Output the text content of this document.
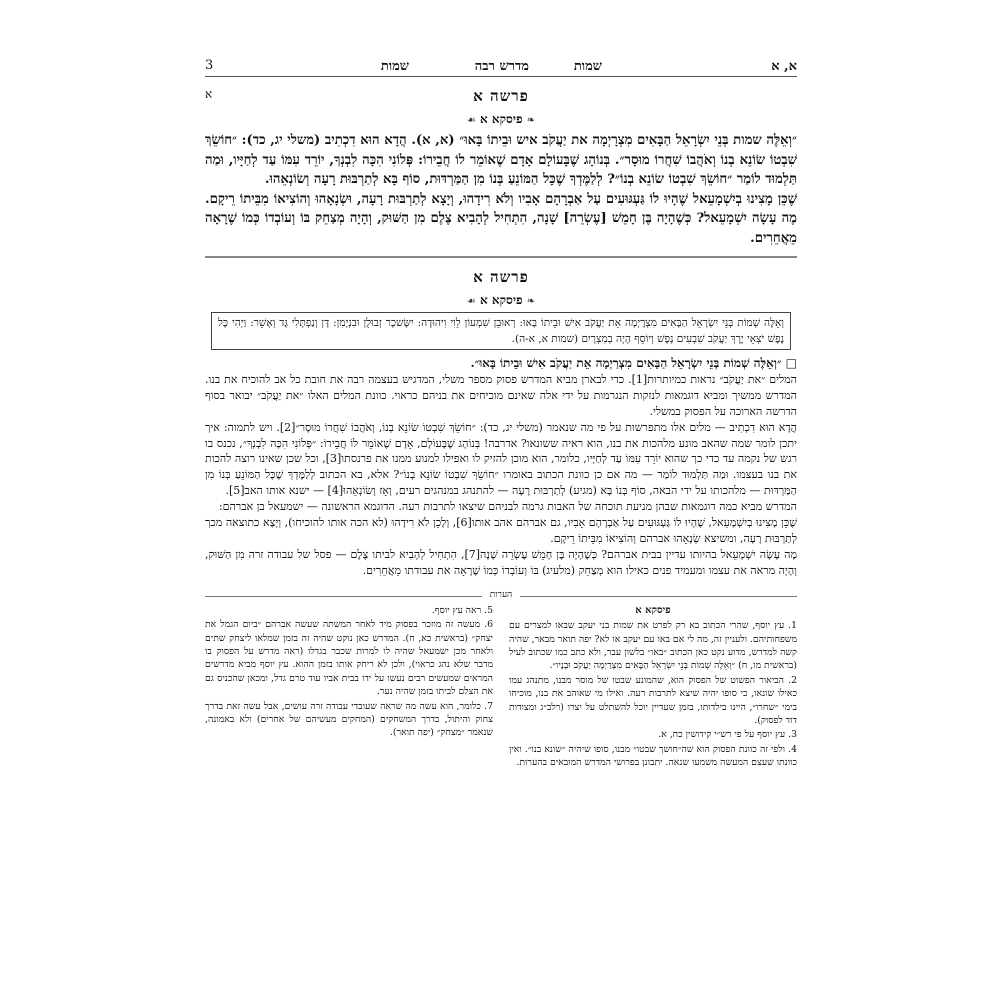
א, א
שמות
מדרש רבה
שמות
3
פרשה א
א
❧ פיסקא א ☙

״וְאֵלֶּה שמות בְּנֵי יִשְׂרָאֵל הַבָּאִים מִצְרָיְמָה את יַעֲקֹב איש וּבֵיתוֹ בָּאוּ״ (א, א). הֲדָא הוּא דִכְתִיב (משלי יג, כד): ״חוֹשֵׂךְ שִׁבְטוֹ שׂוֹנֵא בְנוֹ וְאֹהֲבוֹ שִׁחֲרוֹ מוּסָר״. בְּנוֹהָג שֶׁבָּעוֹלָם אָדָם שֶׁאוֹמֵר לוֹ חֲבֵירוֹ: פְּלוֹנִי הִכָּה לִבְנְךָ, יוֹרֵד עִמּוֹ עַד לְחַיָּיו, וּמַה תַּלְמוּד לוֹמַר ״חוֹשֵׂךְ שִׁבְטוֹ שׂוֹנֵא בְנוֹ״? לְלַמֶּדְךָ שֶׁכָּל הַמּוֹנֵעַ בְּנוֹ מִן הַמַּרְדּוּת, סוֹף בָּא לְתַרְבּוּת רָעָה וְשׂוֹנְאֵהוּ.

שֶׁכֵּן מָצִינוּ בְיִשְׁמָעֵאל שֶׁהָיוּ לוֹ גַּעְגּוּעִים עַל אַבְרָהָם אָבִיו וְלֹא רִידָהוּ, וְיָצָא לְתַרְבּוּת רָעָה, וּשְׂנָאָהוּ וְהוֹצִיאוֹ מִבֵּיתוֹ רֵיקָם. מֶה עָשָׂה יִשְׁמָעֵאל? כְּשֶׁהָיָה בֶּן חָמֵשׁ [עֶשְׂרֵה] שָׁנָה, הִתְחִיל לְהָבִיא צֶלֶם מִן הַשּׁוּק, וְהָיָה מְצַחֵק בּוֹ וְעוֹבְדוֹ כְּמוֹ שֶׁרָאָה מֵאֲחֵרִים.

פרשה א
❧ פיסקא א ☙
וְאֵלֶּה שְׁמוֹת בְּנֵי יִשְׂרָאֵל הַבָּאִים מִצְרָיְמָה אֵת יַעֲקֹב אִישׁ וּבֵיתוֹ בָּאוּ: רְאוּבֵן שִׁמְעוֹן לֵוִי וִיהוּדָה: יִשָּׂשכָר זְבוּלֻן וּבִנְיָמִן: דָּן וְנַפְתָּלִי גָּד וְאָשֵׁר: וַיְהִי כָּל נֶפֶשׁ יֹצְאֵי יֶרֶךְ יַעֲקֹב שִׁבְעִים נָפֶשׁ וְיוֹסֵף הָיָה בְמִצְרָיִם (שמות א, א-ה).

□ ״וְאֵלֶּה שְׁמוֹת בְּנֵי יִשְׂרָאֵל הַבָּאִים מִצְרַיְמָה אֵת יַעֲקֹב אִישׁ וּבֵיתוֹ בָּאוּ״.

המלים ״את יַעֲקֹב״ נראות כמיותרות[1]. כדי לבארן מביא המדרש פסוק מספר משלי, המדגיש בעצמה רבה את חובת כל אב להוכיח את בנו. המדרש ממשיך ומביא דוגמאות לנזקות הנגרמות על ידי אלה שאינם מוכיחים את בניהם כראוי. כוונת המלים האלו ״את יַעֲקֹב״ יבואר בסוף הדרשה הארוכה על הפסוק במשלי.

הֲדָא הוּא דִכְתִיב — מלים אלו מתפרשות על פי מה שנאמר (משלי יג, כד): ״חוֹשֵׂךְ שִׁבְטוֹ שׂוֹנֵא בְנוֹ, וְאֹהֲבוֹ שִׁחֲרוֹ מוּסָר״[2]. ויש לתמוה: איך יתכן לומר שמה שהאב מונע מלהכות את בנו, הוא ראיה ששונאו? אדרבה! בְּנוֹהָג שֶׁבָּעוֹלָם, אָדָם שֶׁאוֹמֵר לוֹ חֲבֵירוֹ: ״פְּלוֹנִי הִכָּה לִבְנְךָ״, נכנס בו רגש של נקמה עד כדי כך שהוא יוֹרֵד עִמּוֹ עַד לְחַיָּיו, כלומר, הוא מוכן להזיק לו ואפילו למנוע ממנו את פרנסתו[3], וכל שכן שאינו רוצה להכות את בנו בעצמו. וּמַה תַּלְמוּד לוֹמַר — מה אם כן כוונת הכתוב באומרו ״חוֹשֵׂךְ שִׁבְטוֹ שׂוֹנֵא בְנוֹ״? אלא, בא הכתוב לְלַמֶּדְךָ שֶׁכָּל הַמּוֹנֵעַ בְּנוֹ מִן הַמַּרְדּוּת — מלהכותו על ידי הבאה, סוֹף בְּנוֹ בָּא (מגיע) לְתַרְבּוּת רָעָה — להתנהג במנהגים רעים, וְאָז וְשׂוֹנְאֵהוּ[4] — ישנא אותו האב[5].

המדרש מביא כמה דוגמאות שבהן מניעת תוכחה של האבות גרמה לבניהם שיצאו לתרבות רעה. הדוגמא הראשונה — ישמעאל בן אברהם:

שֶׁכֵּן מָצִינוּ בְיִשְׁמָעֵאל, שֶׁהָיוּ לוֹ גַּעְגּוּעִים עַל אַבְרָהָם אָבִיו, גם אברהם אהב אותו[6], וְלָכֵן לֹא רִידָהוּ (לא הכה אותו להוכיחו), וְיָצָא כתוצאה מכך לְתַרְבּוּת רָעָה, ומשיצא שְׂנָאָהוּ אברהם וְהוֹצִיאוֹ מִבֵּיתוֹ רֵיקָם.

מֶה עָשָׂה יִשְׁמָעֵאל בהיותו עדיין בבית אברהם? כְּשֶׁהָיָה בֶּן חָמֵשׁ עֶשְׂרֵה שָׁנָה[7], הִתְחִיל לְהָבִיא לביתו צֶלֶם — פסל של עבודה זרה מִן הַשּׁוּק, וְהָיָה מראה את עצמו ומעמיד פנים כאילו הוא מְצַחֵק (מלעיג) בּוֹ וְעוֹבְדוֹ כְּמוֹ שֶׁרָאָה את עבודתו מֵאֲחֵרִים.

הערות
פיסקא א

1. עץ יוסף, שהרי הכתוב בא רק לפרט את שמות בני יעקב שבאו למצרים עם משפחותיהם. ולעניין זה, מה לי אם באו עם יעקב או לא? יפה תואר מבאר, שהיה קשה למדרש, מדוע נקט כאן הכתוב ״באו״ בלשון עבר, ולא כתב כמו שכתוב לעיל (בראשית מו, ח) ״וְאֵלֶּה שְׁמוֹת בְּנֵי יִשְׂרָאֵל הַבָּאִים מִצְרַיְמָה יַעֲקֹב וּבָנָיו״.

2. הביאור הפשוט של הפסוק הוא, שהמונע שבטו של מוסר מבנו, מתנהג עמו כאילו שונאו, כי סופו יהיה שיצא לתרבות רעה. ואילו מי שאוהב את בנו, מוכיחו בימי ״שחרו״, היינו בילדותו, בזמן שעדיין יוכל להשתלט על יצרו (רלב״ג ומצודות דוד לפסוק).

3. עץ יוסף על פי רש״י קידושין כח, א.

4. ולפי זה כוונת הפסוק הוא שה״חושך שבטו״ מבנו, סופו שיהיה ״שונא בנו״. ואין כוונתו שעצם המעשה משמעו שנאה. יתבונן בפרושי המדרש המובאים בהערות.

5. ראה עץ יוסף.

6. מעשה זה מוזכר בפסוק מיד לאחר המשתה שעשה אברהם ״ביום הגמל את יצחק״ (בראשית כא, ח). המדרש כאן נוקט שהיה זה בזמן שמלאו ליצחק שתים ולאחר מכן ישמעאל שהיה לו למרות שכבר בגדלו (ראה מדרש על הפסוק בו מדבר שלא נהג כראוי), ולכן לא ריחק אותו בזמן ההוא. עץ יוסף מביא מדרשים המראים שמעשים רבים נעשו על ידו בבית אביו עוד טרם גדל, ומכאן שהכניס גם את הצלם לביתו בזמן שהיה נער.

7. כלומר, הוא עשה מה שראה שעובדי עבודה זרה עושים, אבל עשה זאת בדרך צחוק והיתול, כדרך המשחקים (המחקים מעשיהם של אחרים) ולא באמונה, שנאמר ״מצחק״ (יפה תואר).
